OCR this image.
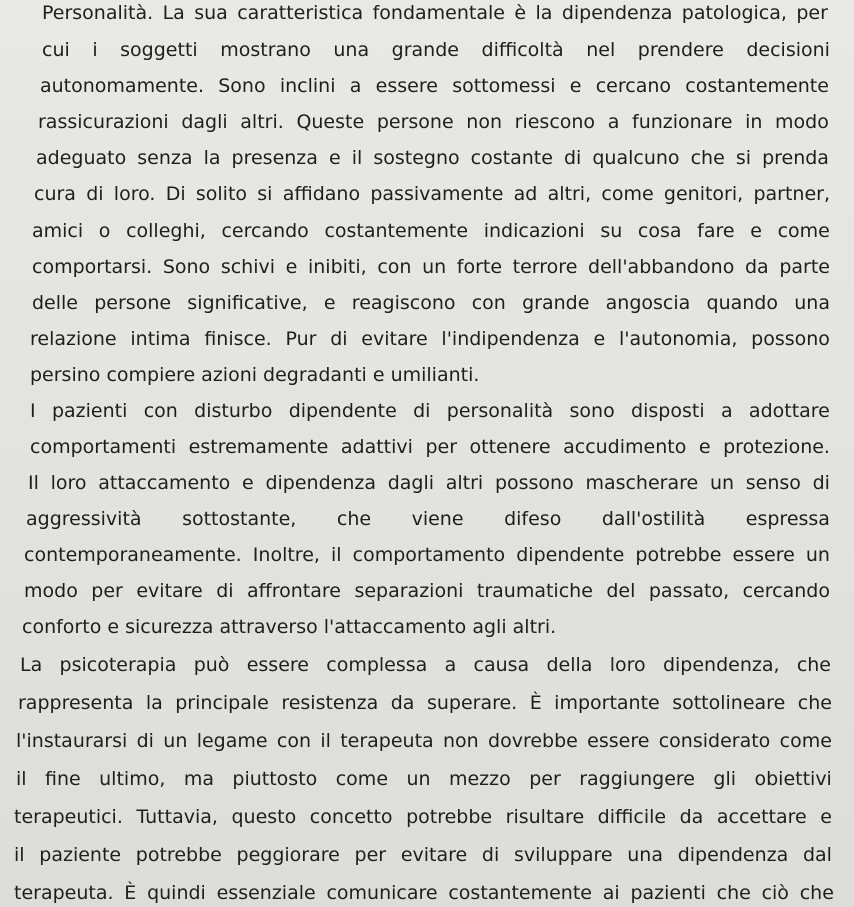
Personalità. La sua caratteristica fondamentale è la dipendenza patologica, per
cui i soggetti mostrano una grande difficoltà nel prendere decisioni
autonomamente. Sono inclini a essere sottomessi e cercano costantemente
rassicurazioni dagli altri. Queste persone non riescono a funzionare in modo
adeguato senza la presenza e il sostegno costante di qualcuno che si prenda
cura di loro. Di solito si affidano passivamente ad altri, come genitori, partner,
amici o colleghi, cercando costantemente indicazioni su cosa fare e come
comportarsi. Sono schivi e inibiti, con un forte terrore dell'abbandono da parte
delle persone significative, e reagiscono con grande angoscia quando una
relazione intima finisce. Pur di evitare l'indipendenza e l'autonomia, possono
persino compiere azioni degradanti e umilianti.
I pazienti con disturbo dipendente di personalità sono disposti a adottare
comportamenti estremamente adattivi per ottenere accudimento e protezione.
Il loro attaccamento e dipendenza dagli altri possono mascherare un senso di
aggressività sottostante, che viene difeso dall'ostilità espressa
contemporaneamente. Inoltre, il comportamento dipendente potrebbe essere un
modo per evitare di affrontare separazioni traumatiche del passato, cercando
conforto e sicurezza attraverso l'attaccamento agli altri.
La psicoterapia può essere complessa a causa della loro dipendenza, che
rappresenta la principale resistenza da superare. È importante sottolineare che
l'instaurarsi di un legame con il terapeuta non dovrebbe essere considerato come
il fine ultimo, ma piuttosto come un mezzo per raggiungere gli obiettivi
terapeutici. Tuttavia, questo concetto potrebbe risultare difficile da accettare e
il paziente potrebbe peggiorare per evitare di sviluppare una dipendenza dal
terapeuta. È quindi essenziale comunicare costantemente ai pazienti che ciò che
